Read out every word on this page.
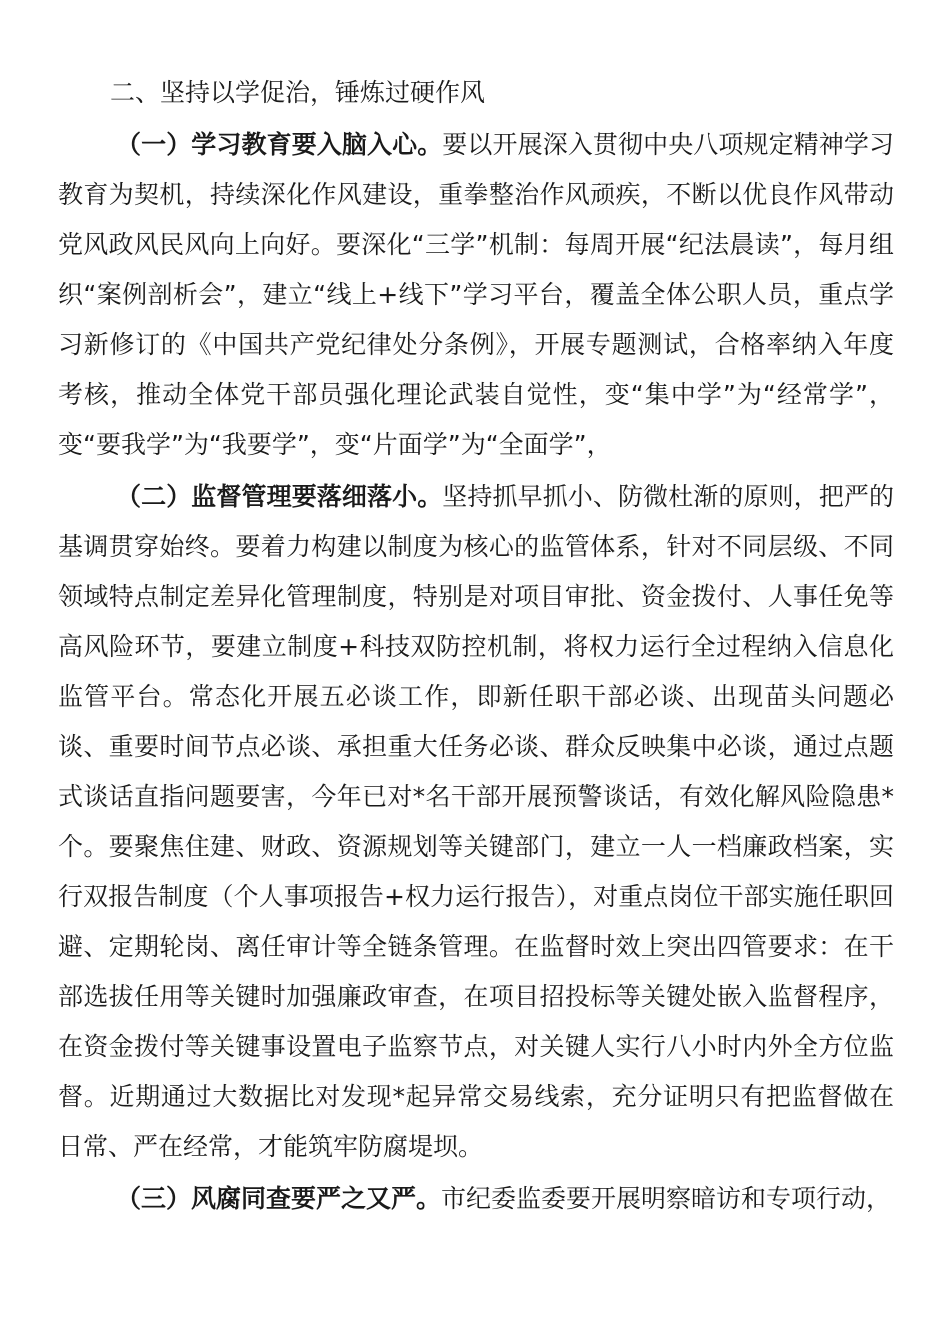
二、坚持以学促治，锤炼过硬作风

（一）学习教育要入脑入心。要以开展深入贯彻中央八项规定精神学习教育为契机，持续深化作风建设，重拳整治作风顽疾，不断以优良作风带动党风政风民风向上向好。要深化“三学”机制：每周开展“纪法晨读”，每月组织“案例剖析会”，建立“线上+线下”学习平台，覆盖全体公职人员，重点学习新修订的《中国共产党纪律处分条例》，开展专题测试，合格率纳入年度考核，推动全体党干部员强化理论武装自觉性，变“集中学”为“经常学”，变“要我学”为“我要学”，变“片面学”为“全面学”，

（二）监督管理要落细落小。坚持抓早抓小、防微杜渐的原则，把严的基调贯穿始终。要着力构建以制度为核心的监管体系，针对不同层级、不同领域特点制定差异化管理制度，特别是对项目审批、资金拨付、人事任免等高风险环节，要建立制度+科技双防控机制，将权力运行全过程纳入信息化监管平台。常态化开展五必谈工作，即新任职干部必谈、出现苗头问题必谈、重要时间节点必谈、承担重大任务必谈、群众反映集中必谈，通过点题式谈话直指问题要害，今年已对*名干部开展预警谈话，有效化解风险隐患*个。要聚焦住建、财政、资源规划等关键部门，建立一人一档廉政档案，实行双报告制度（个人事项报告+权力运行报告），对重点岗位干部实施任职回避、定期轮岗、离任审计等全链条管理。在监督时效上突出四管要求：在干部选拔任用等关键时加强廉政审查，在项目招投标等关键处嵌入监督程序，在资金拨付等关键事设置电子监察节点，对关键人实行八小时内外全方位监督。近期通过大数据比对发现*起异常交易线索，充分证明只有把监督做在日常、严在经常，才能筑牢防腐堤坝。

（三）风腐同查要严之又严。市纪委监委要开展明察暗访和专项行动，
